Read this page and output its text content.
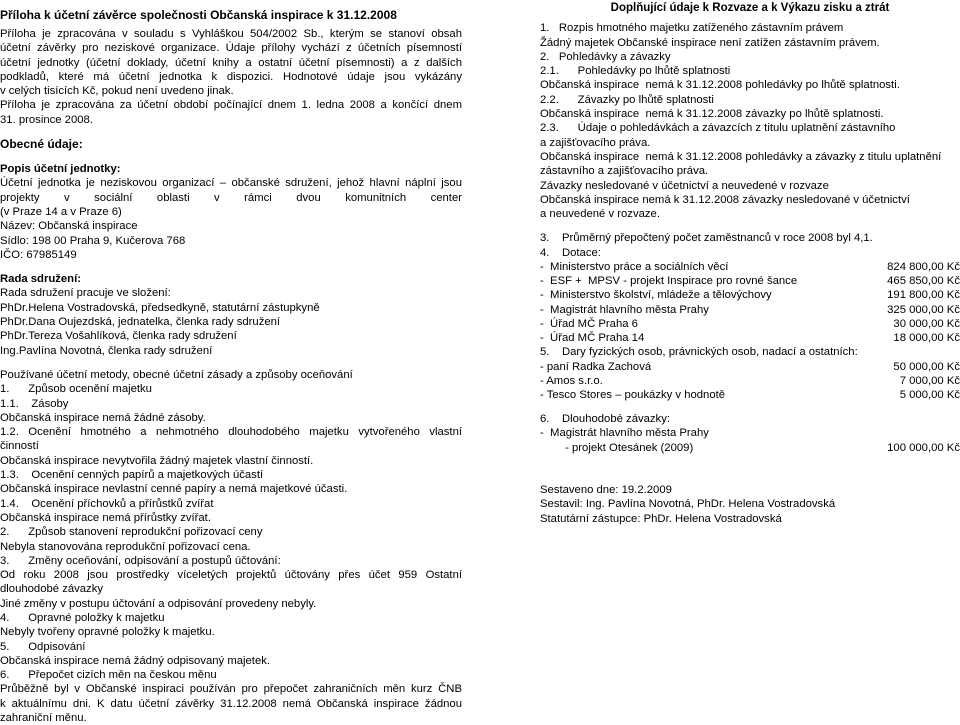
Příloha k účetní závěrce společnosti Občanská inspirace k 31.12.2008
Příloha je zpracována v souladu s Vyhláškou 504/2002 Sb., kterým se stanoví obsah
účetní závěrky pro neziskové organizace. Údaje přílohy vychází z účetních písemností
účetní jednotky (účetní doklady, účetní knihy a ostatní účetní písemnosti) a z dalších
podkladů, které má účetní jednotka k dispozici. Hodnotové údaje jsou vykázány
v celých tisících Kč, pokud není uvedeno jinak.
Příloha je zpracována za účetní období počínající dnem 1. ledna 2008 a končící dnem
31. prosince 2008.
Obecné údaje:
Popis účetní jednotky:
Účetní jednotka je neziskovou organizací – občanské sdružení, jehož hlavní náplní jsou
projekty v sociální oblasti v rámci dvou komunitních center
(v Praze 14 a v Praze 6)
Název: Občanská inspirace
Sídlo: 198 00 Praha 9, Kučerova 768
IČO: 67985149
Rada sdružení:
Rada sdružení pracuje ve složení:
PhDr.Helena Vostradovská, předsedkyně, statutární zástupkyně
PhDr.Dana Oujezdská, jednatelka, členka rady sdružení
PhDr.Tereza Vošahlíková, členka rady sdružení
Ing.Pavlína Novotná, členka rady sdružení
Používané účetní metody, obecné účetní zásady a způsoby oceňování
1.      Způsob ocenění majetku
1.1.    Zásoby
Občanská inspirace nemá žádné zásoby.
1.2. Ocenění hmotného a nehmotného dlouhodobého majetku vytvořeného vlastní
činností
Občanská inspirace nevytvořila žádný majetek vlastní činností.
1.3.    Ocenění cenných papírů a majetkových účastí
Občanská inspirace nevlastní cenné papíry a nemá majetkové účasti.
1.4.    Ocenění příchovků a přírůstků zvířat
Občanská inspirace nemá přírůstky zvířat.
2.      Způsob stanovení reprodukční pořizovací ceny
Nebyla stanovována reprodukční pořizovací cena.
3.      Změny oceňování, odpisování a postupů účtování:
Od roku 2008 jsou prostředky víceletých projektů účtovány přes účet 959 Ostatní
dlouhodobé závazky
Jiné změny v postupu účtování a odpisování provedeny nebyly.
4.      Opravné položky k majetku
Nebyly tvořeny opravné položky k majetku.
5.      Odpisování
Občanská inspirace nemá žádný odpisovaný majetek.
6.      Přepočet cizích měn na českou měnu
Průběžně byl v Občanské inspiraci používán pro přepočet zahraničních měn kurz ČNB
k aktuálnímu dni. K datu účetní závěrky 31.12.2008 nemá Občanská inspirace žádnou
zahraniční měnu.
Doplňující údaje k Rozvaze a k Výkazu zisku a ztrát
1.   Rozpis hmotného majetku zatíženého zástavním právem
Žádný majetek Občanské inspirace není zatížen zástavním právem.
2.   Pohledávky a závazky
2.1.      Pohledávky po lhůtě splatnosti
Občanská inspirace  nemá k 31.12.2008 pohledávky po lhůtě splatnosti.
2.2.      Závazky po lhůtě splatnosti
Občanská inspirace  nemá k 31.12.2008 závazky po lhůtě splatnosti.
2.3.      Údaje o pohledávkách a závazcích z titulu uplatnění zástavního
a zajišťovacího práva.
Občanská inspirace  nemá k 31.12.2008 pohledávky a závazky z titulu uplatnění
zástavního a zajišťovacího práva.
Závazky nesledované v účetnictví a neuvedené v rozvaze
Občanská inspirace nemá k 31.12.2008 závazky nesledované v účetnictví
a neuvedené v rozvaze.
3.    Průměrný přepočtený počet zaměstnanců v roce 2008 byl 4,1.
4.    Dotace:
-  Ministerstvo práce a sociálních věcí	824 800,00 Kč
-  ESF +  MPSV - projekt Inspirace pro rovné šance	465 850,00 Kč
-  Ministerstvo školství, mládeže a tělovýchovy	191 800,00 Kč
-  Magistrát hlavního města Prahy	325 000,00 Kč
-  Úřad MČ Praha 6	30 000,00 Kč
-  Úřad MČ Praha 14	18 000,00 Kč
5.    Dary fyzických osob, právnických osob, nadací a ostatních:
- paní Radka Zachová	50 000,00 Kč
- Amos s.r.o.	7 000,00 Kč
- Tesco Stores – poukázky v hodnotě	5 000,00 Kč
6.    Dlouhodobé závazky:
-  Magistrát hlavního města Prahy
- projekt Otesánek (2009)	100 000,00 Kč
Sestaveno dne: 19.2.2009
Sestavil: Ing. Pavlína Novotná, PhDr. Helena Vostradovská
Statutární zástupce: PhDr. Helena Vostradovská
